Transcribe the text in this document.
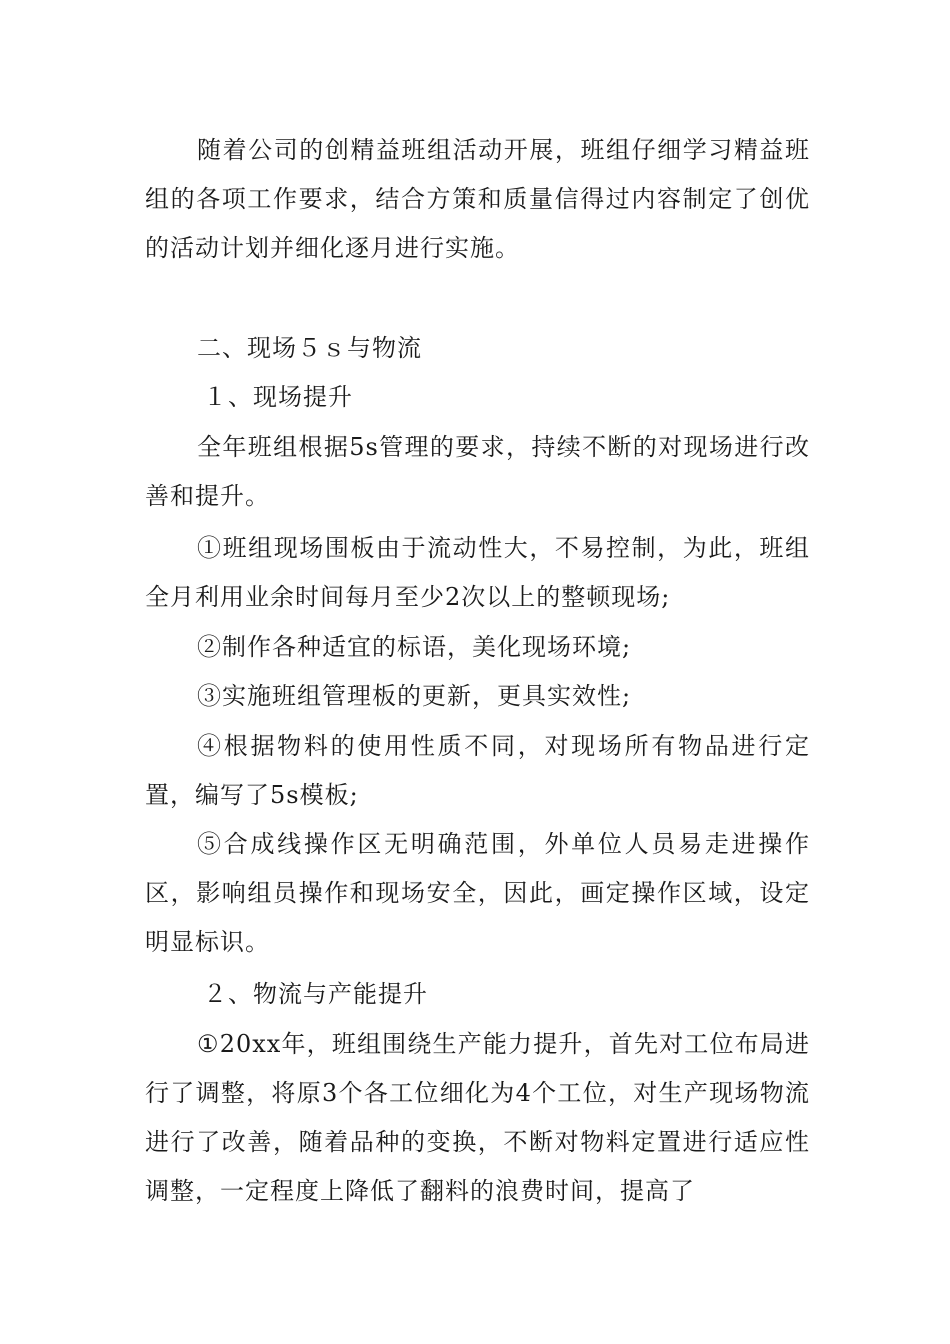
随着公司的创精益班组活动开展，班组仔细学习精益班组的各项工作要求，结合方策和质量信得过内容制定了创优的活动计划并细化逐月进行实施。

二、现场５ｓ与物流

１、现场提升

全年班组根据5s管理的要求，持续不断的对现场进行改善和提升。

①班组现场围板由于流动性大，不易控制，为此，班组全月利用业余时间每月至少2次以上的整顿现场;

②制作各种适宜的标语，美化现场环境;

③实施班组管理板的更新，更具实效性;

④根据物料的使用性质不同，对现场所有物品进行定置，编写了5s模板;

⑤合成线操作区无明确范围，外单位人员易走进操作区，影响组员操作和现场安全，因此，画定操作区域，设定明显标识。

２、物流与产能提升

①20xx年，班组围绕生产能力提升，首先对工位布局进行了调整，将原3个各工位细化为4个工位，对生产现场物流进行了改善，随着品种的变换，不断对物料定置进行适应性调整，一定程度上降低了翻料的浪费时间，提高了
